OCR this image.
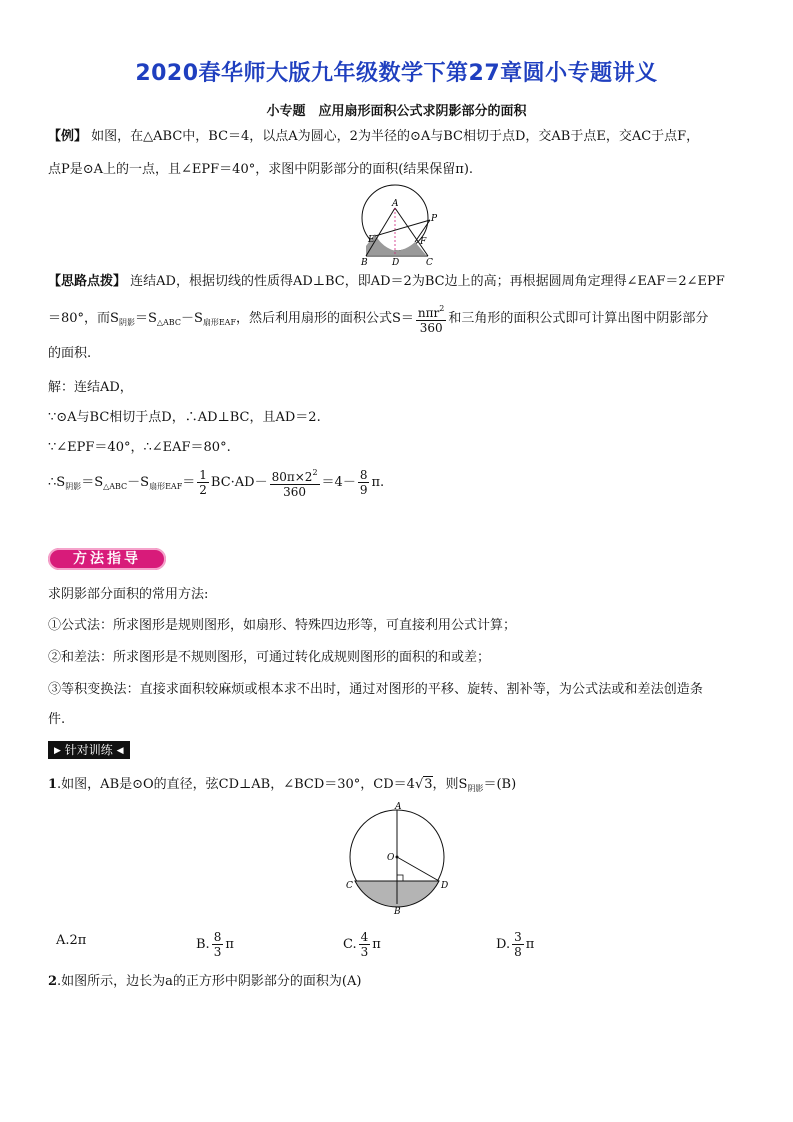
2020春华师大版九年级数学下第27章圆小专题讲义
小专题　应用扇形面积公式求阴影部分的面积
【例】 如图，在△ABC中，BC＝4，以点A为圆心，2为半径的⊙A与BC相切于点D，交AB于点E，交AC于点F，
点P是⊙A上的一点，且∠EPF＝40°，求图中阴影部分的面积(结果保留π).
A
P
E	F
B	D	C
【思路点拨】 连结AD，根据切线的性质得AD⊥BC，即AD＝2为BC边上的高；再根据圆周角定理得∠EAF＝2∠EPF
＝80°，而$S_{阴影}=S_{\triangle ABC}-S_{扇形EAF}$，然后利用扇形的面积公式$S= \frac{n\pi r^2}{360}$ 和三角形的面积公式即可计算出图中阴影部分
的面积.
解：连结AD，
∵⊙A与BC相切于点D，∴AD⊥BC，且AD＝2.
∵∠EPF＝40°，∴∠EAF＝80°.
$\therefore S_{阴影}=S_{\triangle ABC}-S_{扇形EAF}= \frac{1}{2} BC\cdot AD- \frac{80\pi\times 2^2}{360} =4- \frac{8}{9} \pi$.
方法指导
求阴影部分面积的常用方法:
①公式法：所求图形是规则图形，如扇形、特殊四边形等，可直接利用公式计算；
②和差法：所求图形是不规则图形，可通过转化成规则图形的面积的和或差；
③等积变换法：直接求面积较麻烦或根本求不出时，通过对图形的平移、旋转、割补等，为公式法或和差法创造条
件.
▶ 针对训练 ◀
1.如图，AB是⊙O的直径，弦CD⊥AB，∠BCD＝30°，CD＝4√3，则$S_{阴影}=(B)$
A
O
C	D
B
A.2π	B. $\frac{8}{3}$ π	C. $\frac{4}{3}$ π	D. $\frac{3}{8}$ π
2.如图所示，边长为a的正方形中阴影部分的面积为(A)
